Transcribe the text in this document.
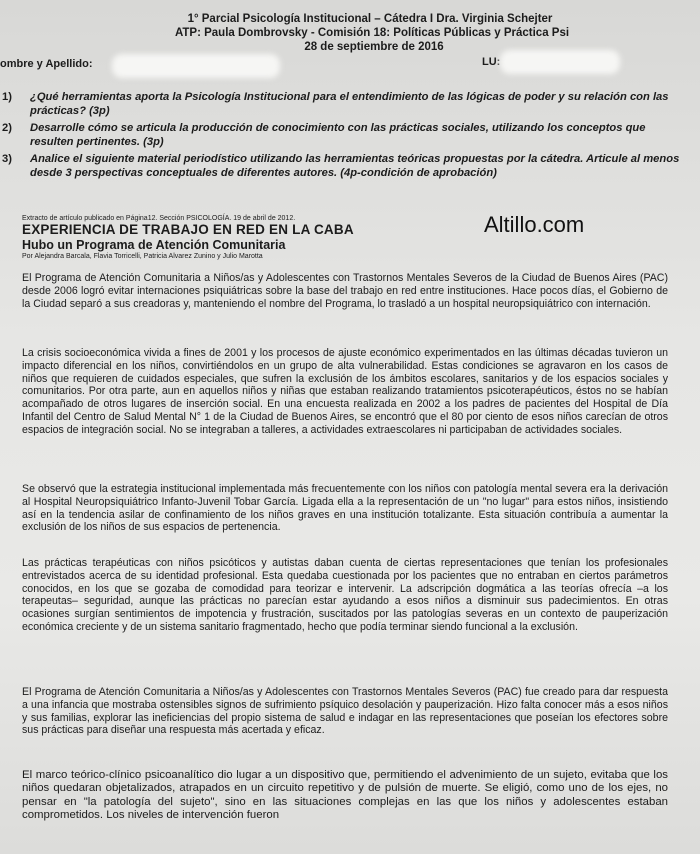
1° Parcial Psicología Institucional – Cátedra I Dra. Virginia Schejter
ATP: Paula Dombrovsky - Comisión 18: Políticas Públicas y Práctica Psi
28 de septiembre de 2016
ombre y Apellido:	LU:
1) ¿Qué herramientas aporta la Psicología Institucional para el entendimiento de las lógicas de poder y su relación con las prácticas? (3p)
2) Desarrolle cómo se articula la producción de conocimiento con las prácticas sociales, utilizando los conceptos que resulten pertinentes. (3p)
3) Analice el siguiente material periodístico utilizando las herramientas teóricas propuestas por la cátedra. Articule al menos desde 3 perspectivas conceptuales de diferentes autores. (4p-condición de aprobación)
Extracto de artículo publicado en Página12. Sección PSICOLOGÍA. 19 de abril de 2012.
EXPERIENCIA DE TRABAJO EN RED EN LA CABA
Hubo un Programa de Atención Comunitaria
Por Alejandra Barcala, Flavia Torricelli, Patricia Alvarez Zunino y Julio Marotta
Altillo.com
El Programa de Atención Comunitaria a Niños/as y Adolescentes con Trastornos Mentales Severos de la Ciudad de Buenos Aires (PAC) desde 2006 logró evitar internaciones psiquiátricas sobre la base del trabajo en red entre instituciones. Hace pocos días, el Gobierno de la Ciudad separó a sus creadoras y, manteniendo el nombre del Programa, lo trasladó a un hospital neuropsiquiátrico con internación.
La crisis socioeconómica vivida a fines de 2001 y los procesos de ajuste económico experimentados en las últimas décadas tuvieron un impacto diferencial en los niños, convirtiéndolos en un grupo de alta vulnerabilidad. Estas condiciones se agravaron en los casos de niños que requieren de cuidados especiales, que sufren la exclusión de los ámbitos escolares, sanitarios y de los espacios sociales y comunitarios. Por otra parte, aun en aquellos niños y niñas que estaban realizando tratamientos psicoterapéuticos, éstos no se habían acompañado de otros lugares de inserción social. En una encuesta realizada en 2002 a los padres de pacientes del Hospital de Día Infantil del Centro de Salud Mental N° 1 de la Ciudad de Buenos Aires, se encontró que el 80 por ciento de esos niños carecían de otros espacios de integración social. No se integraban a talleres, a actividades extraescolares ni participaban de actividades sociales.
Se observó que la estrategia institucional implementada más frecuentemente con los niños con patología mental severa era la derivación al Hospital Neuropsiquiátrico Infanto-Juvenil Tobar García. Ligada ella a la representación de un "no lugar" para estos niños, insistiendo así en la tendencia asilar de confinamiento de los niños graves en una institución totalizante. Esta situación contribuía a aumentar la exclusión de los niños de sus espacios de pertenencia.
Las prácticas terapéuticas con niños psicóticos y autistas daban cuenta de ciertas representaciones que tenían los profesionales entrevistados acerca de su identidad profesional. Esta quedaba cuestionada por los pacientes que no entraban en ciertos parámetros conocidos, en los que se gozaba de comodidad para teorizar e intervenir. La adscripción dogmática a las teorías ofrecía –a los terapeutas– seguridad, aunque las prácticas no parecían estar ayudando a esos niños a disminuir sus padecimientos. En otras ocasiones surgían sentimientos de impotencia y frustración, suscitados por las patologías severas en un contexto de pauperización económica creciente y de un sistema sanitario fragmentado, hecho que podía terminar siendo funcional a la exclusión.
El Programa de Atención Comunitaria a Niños/as y Adolescentes con Trastornos Mentales Severos (PAC) fue creado para dar respuesta a una infancia que mostraba ostensibles signos de sufrimiento psíquico desolación y pauperización. Hizo falta conocer más a esos niños y sus familias, explorar las ineficiencias del propio sistema de salud e indagar en las representaciones que poseían los efectores sobre sus prácticas para diseñar una respuesta más acertada y eficaz.
El marco teórico-clínico psicoanalítico dio lugar a un dispositivo que, permitiendo el advenimiento de un sujeto, evitaba que los niños quedaran objetalizados, atrapados en un circuito repetitivo y de pulsión de muerte. Se eligió, como uno de los ejes, no pensar en "la patología del sujeto", sino en las situaciones complejas en las que los niños y adolescentes estaban comprometidos. Los niveles de intervención fueron
